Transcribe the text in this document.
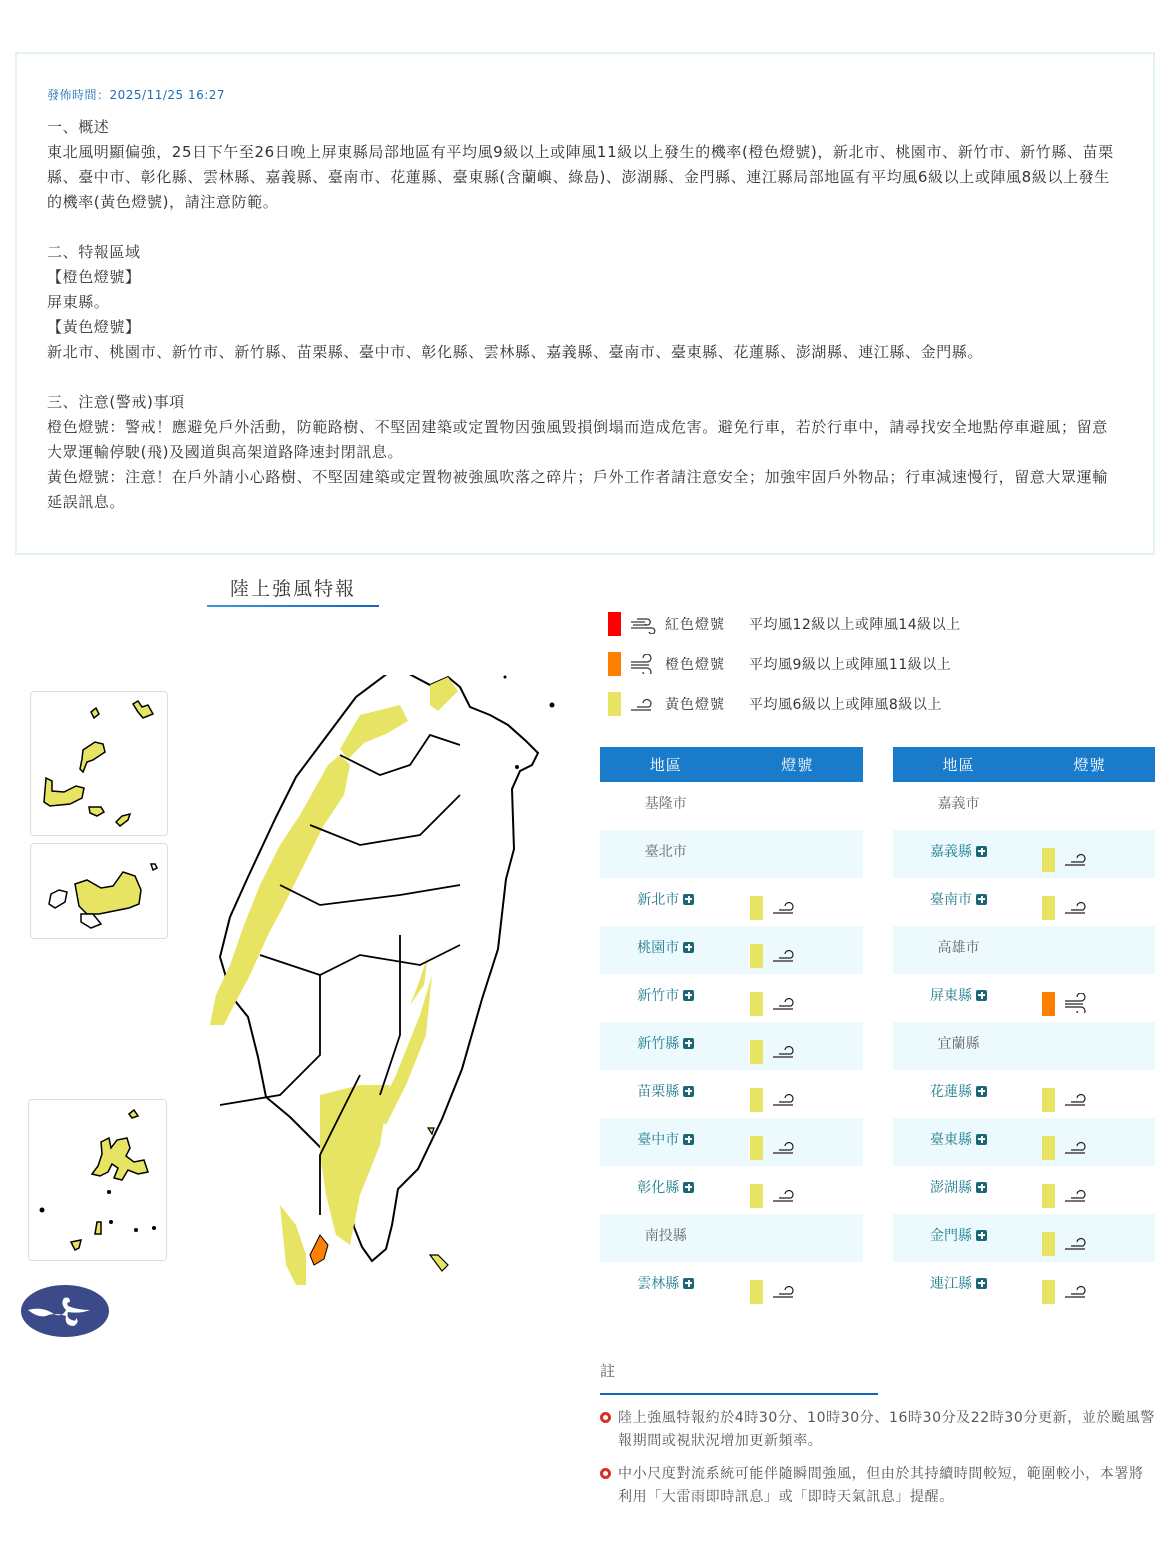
發佈時間：2025/11/25 16:27

一、概述

東北風明顯偏強，25日下午至26日晚上屏東縣局部地區有平均風9級以上或陣風11級以上發生的機率(橙色燈號)，新北市、桃園市、新竹市、新竹縣、苗栗縣、臺中市、彰化縣、雲林縣、嘉義縣、臺南市、花蓮縣、臺東縣(含蘭嶼、綠島)、澎湖縣、金門縣、連江縣局部地區有平均風6級以上或陣風8級以上發生的機率(黃色燈號)，請注意防範。

二、特報區域

【橙色燈號】

屏東縣。

【黃色燈號】

新北市、桃園市、新竹市、新竹縣、苗栗縣、臺中市、彰化縣、雲林縣、嘉義縣、臺南市、臺東縣、花蓮縣、澎湖縣、連江縣、金門縣。

三、注意(警戒)事項

橙色燈號：警戒！應避免戶外活動，防範路樹、不堅固建築或定置物因強風毀損倒塌而造成危害。避免行車，若於行車中，請尋找安全地點停車避風；留意大眾運輸停駛(飛)及國道與高架道路降速封閉訊息。

黃色燈號：注意！在戶外請小心路樹、不堅固建築或定置物被強風吹落之碎片；戶外工作者請注意安全；加強牢固戶外物品；行車減速慢行，留意大眾運輸延誤訊息。

陸上強風特報
紅色燈號 平均風12級以上或陣風14級以上
橙色燈號 平均風9級以上或陣風11級以上
黃色燈號 平均風6級以上或陣風8級以上
地區	燈號
基隆市
臺北市
新北市
桃園市
新竹市
新竹縣
苗栗縣
臺中市
彰化縣
南投縣
雲林縣
地區	燈號
嘉義市
嘉義縣
臺南市
高雄市
屏東縣
宜蘭縣
花蓮縣
臺東縣
澎湖縣
金門縣
連江縣
註
陸上強風特報約於4時30分、10時30分、16時30分及22時30分更新，並於颱風警報期間或視狀況增加更新頻率。
中小尺度對流系統可能伴隨瞬間強風，但由於其持續時間較短，範圍較小，本署將利用「大雷雨即時訊息」或「即時天氣訊息」提醒。
